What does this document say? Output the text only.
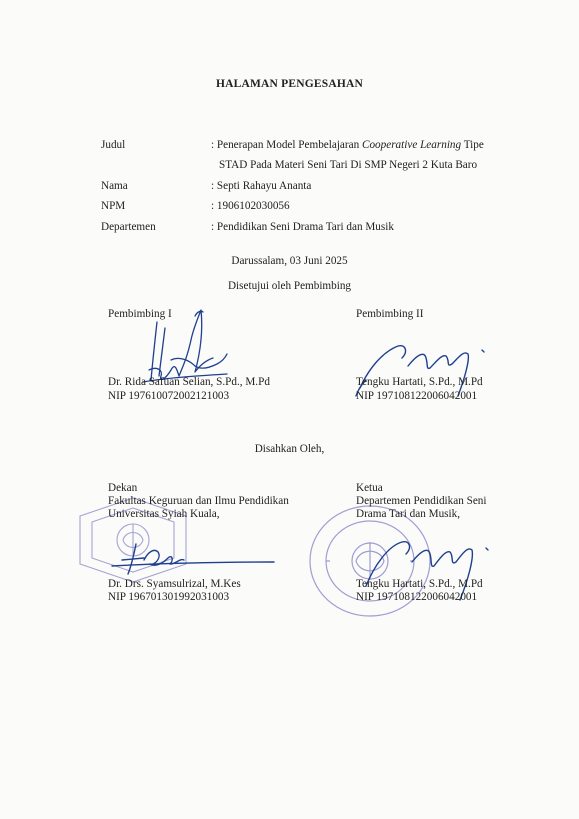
HALAMAN PENGESAHAN
Judul	: Penerapan Model Pembelajaran Cooperative Learning Tipe
STAD Pada Materi Seni Tari Di SMP Negeri 2 Kuta Baro
Nama	: Septi Rahayu Ananta
NPM	: 1906102030056
Departemen	: Pendidikan Seni Drama Tari dan Musik
Darussalam, 03 Juni 2025
Disetujui oleh Pembimbing
Pembimbing I
Dr. Rida Safuan Selian, S.Pd., M.Pd
NIP 197610072002121003
Pembimbing II
Tengku Hartati, S.Pd., M.Pd
NIP 197108122006042001
Disahkan Oleh,
Dekan
Fakultas Keguruan dan Ilmu Pendidikan
Universitas Syiah Kuala,
Dr. Drs. Syamsulrizal, M.Kes
NIP 196701301992031003
Ketua
Departemen Pendidikan Seni
Drama Tari dan Musik,
Tengku Hartati, S.Pd., M.Pd
NIP 197108122006042001
